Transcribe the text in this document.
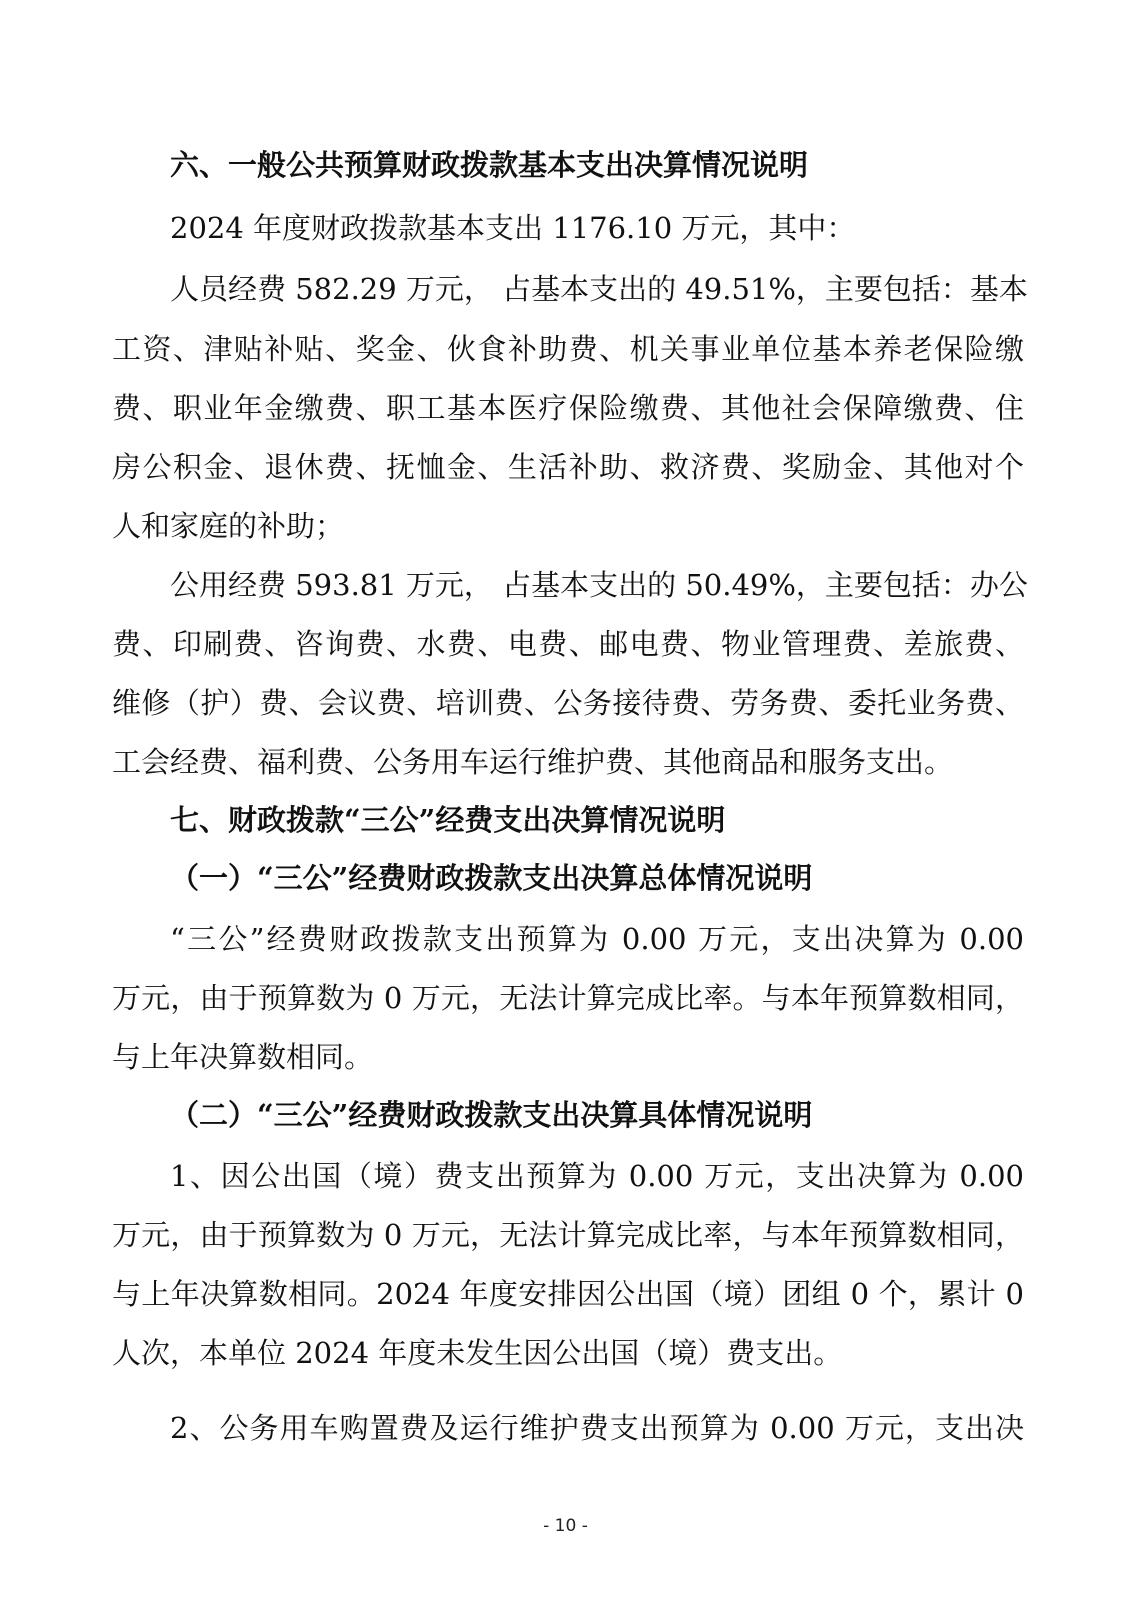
六、一般公共预算财政拨款基本支出决算情况说明
2024 年度财政拨款基本支出 1176.10 万元，其中：
人员经费 582.29 万元， 占基本支出的 49.51%，主要包括：基本
工资、津贴补贴、奖金、伙食补助费、机关事业单位基本养老保险缴
费、职业年金缴费、职工基本医疗保险缴费、其他社会保障缴费、住
房公积金、退休费、抚恤金、生活补助、救济费、奖励金、其他对个
人和家庭的补助；
公用经费 593.81 万元， 占基本支出的 50.49%，主要包括：办公
费、印刷费、咨询费、水费、电费、邮电费、物业管理费、差旅费、
维修（护）费、会议费、培训费、公务接待费、劳务费、委托业务费、
工会经费、福利费、公务用车运行维护费、其他商品和服务支出。
七、财政拨款“三公”经费支出决算情况说明
（一）“三公”经费财政拨款支出决算总体情况说明
“三公”经费财政拨款支出预算为 0.00 万元，支出决算为 0.00
万元，由于预算数为 0 万元，无法计算完成比率。与本年预算数相同，
与上年决算数相同。
（二）“三公”经费财政拨款支出决算具体情况说明
1、因公出国（境）费支出预算为 0.00 万元，支出决算为 0.00
万元，由于预算数为 0 万元，无法计算完成比率，与本年预算数相同，
与上年决算数相同。2024 年度安排因公出国（境）团组 0 个，累计 0
人次，本单位 2024 年度未发生因公出国（境）费支出。
2、公务用车购置费及运行维护费支出预算为 0.00 万元，支出决
- 10 -
